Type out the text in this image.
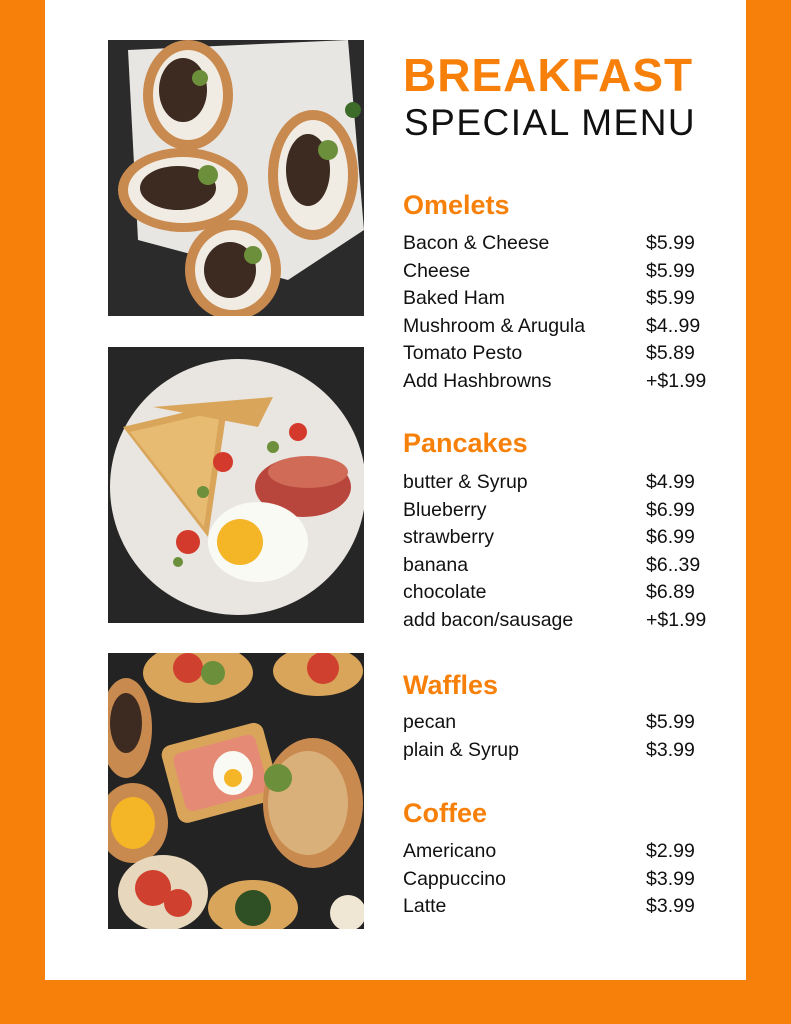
BREAKFAST
SPECIAL MENU
Omelets
Bacon & Cheese	$5.99
Cheese	$5.99
Baked Ham	$5.99
Mushroom & Arugula	$4..99
Tomato Pesto	$5.89
Add Hashbrowns	+$1.99
Pancakes
butter & Syrup	$4.99
Blueberry	$6.99
strawberry	$6.99
banana	$6..39
chocolate	$6.89
add bacon/sausage	+$1.99
Waffles
pecan	$5.99
plain & Syrup	$3.99
Coffee
Americano	$2.99
Cappuccino	$3.99
Latte	$3.99
